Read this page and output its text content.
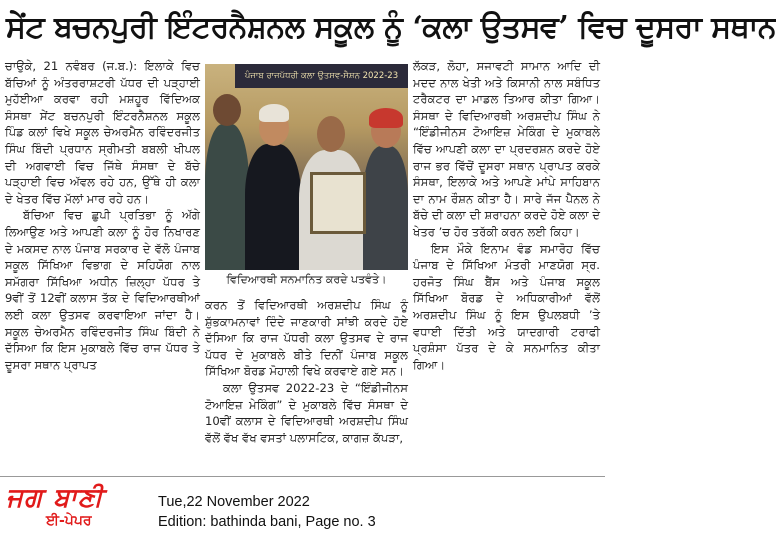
ਸੇਂਟ ਬਚਨਪੁਰੀ ਇੰਟਰਨੈਸ਼ਨਲ ਸਕੂਲ ਨੂੰ ‘ਕਲਾ ਉਤਸਵ’ ਵਿਚ ਦੂਸਰਾ ਸਥਾਨ

ਚਾਉਕੇ, 21 ਨਵੰਬਰ (ਜ.ਬ.): ਇਲਾਕੇ ਵਿਚ ਬੱਚਿਆਂ ਨੂੰ ਅੰਤਰਰਾਸ਼ਟਰੀ ਪੱਧਰ ਦੀ ਪੜ੍ਹਾਈ ਮੁਹੱਈਆ ਕਰਵਾ ਰਹੀ ਮਸ਼ਹੂਰ ਵਿੱਦਿਅਕ ਸੰਸਥਾ ਸੇਂਟ ਬਚਨਪੁਰੀ ਇੰਟਰਨੈਸ਼ਨਲ ਸਕੂਲ ਪਿੰਡ ਕਲਾਂ ਵਿਖੇ ਸਕੂਲ ਚੇਅਰਮੈਨ ਰਵਿੰਦਰਜੀਤ ਸਿੰਘ ਬਿੰਦੀ ਪ੍ਰਧਾਨ ਸ੍ਰੀਮਤੀ ਬਬਲੀ ਖੀਪਲ ਦੀ ਅਗਵਾਈ ਵਿਚ ਜਿੱਥੇ ਸੰਸਥਾ ਦੇ ਬੱਚੇ ਪੜ੍ਹਾਈ ਵਿਚ ਅੱਵਲ ਰਹੇ ਹਨ, ਉੱਥੇ ਹੀ ਕਲਾ ਦੇ ਖੇਤਰ ਵਿੱਚ ਮੱਲਾਂ ਮਾਰ ਰਹੇ ਹਨ।

ਬੱਚਿਆ ਵਿਚ ਛੁਪੀ ਪ੍ਰਤਿਭਾ ਨੂੰ ਅੱਗੇ ਲਿਆਉਣ ਅਤੇ ਆਪਣੀ ਕਲਾ ਨੂੰ ਹੋਰ ਨਿਖਾਰਣ ਦੇ ਮਕਸਦ ਨਾਲ ਪੰਜਾਬ ਸਰਕਾਰ ਦੇ ਵੱਲੋ ਪੰਜਾਬ ਸਕੂਲ ਸਿੱਖਿਆ ਵਿਭਾਗ ਦੇ ਸਹਿਯੋਗ ਨਾਲ ਸਮੱਗਰਾ ਸਿੱਖਿਆ ਅਧੀਨ ਜ਼ਿਲ੍ਹਾ ਪੱਧਰ ਤੇ 9ਵੀਂ ਤੋਂ 12ਵੀਂ ਕਲਾਸ ਤੱਕ ਦੇ ਵਿਦਿਆਰਥੀਆਂ ਲਈ ਕਲਾ ਉਤਸਵ ਕਰਵਾਇਆ ਜਾਂਦਾ ਹੈ। ਸਕੂਲ ਚੇਅਰਮੈਨ ਰਵਿੰਦਰਜੀਤ ਸਿੰਘ ਬਿੰਦੀ ਨੇ ਦੱਸਿਆ ਕਿ ਇਸ ਮੁਕਾਬਲੇ ਵਿੱਚ ਰਾਜ ਪੱਧਰ ਤੇ ਦੂਸਰਾ ਸਥਾਨ ਪ੍ਰਾਪਤ

ਪੰਜਾਬ ਰਾਜਪੱਧਰੀ ਕਲਾ ਉਤਸਵ-ਸੈਸ਼ਨ 2022-23
ਵਿਦਿਆਰਥੀ ਸਨਮਾਨਿਤ ਕਰਦੇ ਪਤਵੰਤੇ।

ਕਰਨ ਤੋਂ ਵਿਦਿਆਰਥੀ ਅਰਸ਼ਦੀਪ ਸਿੰਘ ਨੂੰ ਸ਼ੁੱਭਕਾਮਨਾਵਾਂ ਦਿੰਦੇ ਜਾਣਕਾਰੀ ਸਾਂਝੀ ਕਰਦੇ ਹੋਏ ਦੱਸਿਆ ਕਿ ਰਾਜ ਪੱਧਰੀ ਕਲਾ ਉਤਸਵ ਦੇ ਰਾਜ ਪੱਧਰ ਦੇ ਮੁਕਾਬਲੇ ਬੀਤੇ ਦਿਨੀਂ ਪੰਜਾਬ ਸਕੂਲ ਸਿੱਖਿਆ ਬੋਰਡ ਮੋਹਾਲੀ ਵਿਖੇ ਕਰਵਾਏ ਗਏ ਸਨ।

ਕਲਾ ਉਤਸਵ 2022-23 ਦੇ “ਇੰਡੀਜੀਨਸ ਟੋਆਇਜ਼ ਮੇਕਿੰਗ” ਦੇ ਮੁਕਾਬਲੇ ਵਿੱਚ ਸੰਸਥਾ ਦੇ 10ਵੀਂ ਕਲਾਸ ਦੇ ਵਿਦਿਆਰਥੀ ਅਰਸ਼ਦੀਪ ਸਿੰਘ ਵੱਲੋਂ ਵੱਖ ਵੱਖ ਵਸਤਾਂ ਪਲਾਸਟਿਕ, ਕਾਗਜ਼ ਕੱਪੜਾ,

ਲੱਕੜ, ਲੋਹਾ, ਸਜਾਵਟੀ ਸਾਮਾਨ ਆਦਿ ਦੀ ਮਦਦ ਨਾਲ ਖੇਤੀ ਅਤੇ ਕਿਸਾਨੀ ਨਾਲ ਸਬੰਧਿਤ ਟਰੈਕਟਰ ਦਾ ਮਾਡਲ ਤਿਆਰ ਕੀਤਾ ਗਿਆ। ਸੰਸਥਾ ਦੇ ਵਿਦਿਆਰਥੀ ਅਰਸ਼ਦੀਪ ਸਿੰਘ ਨੇ “ਇੰਡੀਜੀਨਸ ਟੋਆਇਜ਼ ਮੇਕਿੰਗ ਦੇ ਮੁਕਾਬਲੇ ਵਿੱਚ ਆਪਣੀ ਕਲਾ ਦਾ ਪ੍ਰਦਰਸ਼ਨ ਕਰਦੇ ਹੋਏ ਰਾਜ ਭਰ ਵਿੱਚੋਂ ਦੂਸਰਾ ਸਥਾਨ ਪ੍ਰਾਪਤ ਕਰਕੇ ਸੰਸਥਾ, ਇਲਾਕੇ ਅਤੇ ਆਪਣੇ ਮਾਂਪੇ ਸਾਹਿਬਾਨ ਦਾ ਨਾਮ ਰੌਸ਼ਨ ਕੀਤਾ ਹੈ। ਸਾਰੇ ਜੱਜ ਪੈਨਲ ਨੇ ਬੱਚੇ ਦੀ ਕਲਾ ਦੀ ਸ਼ਰਾਹਨਾ ਕਰਦੇ ਹੋਏ ਕਲਾ ਦੇ ਖੇਤਰ ’ਚ ਹੋਰ ਤਰੱਕੀ ਕਰਨ ਲਈ ਕਿਹਾ।

ਇਸ ਮੌਕੇ ਇਨਾਮ ਵੰਡ ਸਮਾਰੋਹ ਵਿੱਚ ਪੰਜਾਬ ਦੇ ਸਿੱਖਿਆ ਮੰਤਰੀ ਮਾਣਯੋਗ ਸ੍ਰ. ਹਰਜੋਤ ਸਿੰਘ ਬੈਂਸ ਅਤੇ ਪੰਜਾਬ ਸਕੂਲ ਸਿੱਖਿਆ ਬੋਰਡ ਦੇ ਅਧਿਕਾਰੀਆਂ ਵੱਲੋਂ ਅਰਸ਼ਦੀਪ ਸਿੰਘ ਨੂੰ ਇਸ ਉਪਲਬਧੀ ’ਤੇ ਵਧਾਈ ਦਿੱਤੀ ਅਤੇ ਯਾਦਗਾਰੀ ਟਰਾਫੀ ਪ੍ਰਸ਼ੰਸਾ ਪੱਤਰ ਦੇ ਕੇ ਸਨਮਾਨਿਤ ਕੀਤਾ ਗਿਆ।

ਜਗ ਬਾਣੀ
ਈ-ਪੇਪਰ
Tue,22 November 2022
Edition: bathinda bani, Page no. 3
